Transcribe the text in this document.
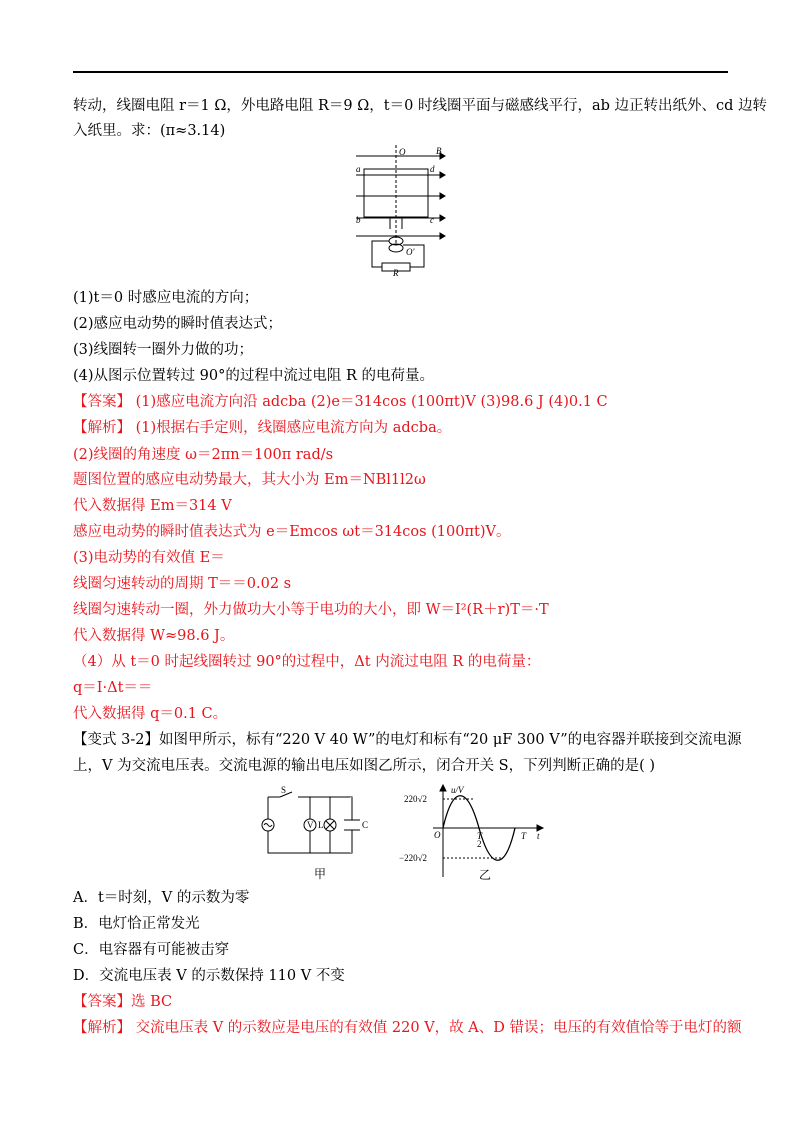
转动，线圈电阻 r＝1 Ω，外电路电阻 R＝9 Ω，t＝0 时线圈平面与磁感线平行，ab 边正转出纸外、cd 边转
入纸里。求：(π≈3.14)
O	B
a	d
b	c
O′
R
(1)t＝0 时感应电流的方向；
(2)感应电动势的瞬时值表达式；
(3)线圈转一圈外力做的功；
(4)从图示位置转过 90°的过程中流过电阻 R 的电荷量。
【答案】 (1)感应电流方向沿 adcba (2)e＝314cos (100πt)V (3)98.6 J (4)0.1 C
【解析】 (1)根据右手定则，线圈感应电流方向为 adcba。
(2)线圈的角速度 ω＝2πn＝100π rad/s
题图位置的感应电动势最大，其大小为 Em＝NBl1l2ω
代入数据得 Em＝314 V
感应电动势的瞬时值表达式为 e＝Emcos ωt＝314cos (100πt)V。
(3)电动势的有效值 E＝
线圈匀速转动的周期 T＝＝0.02 s
线圈匀速转动一圈，外力做功大小等于电功的大小，即 W＝I²(R＋r)T＝·T
代入数据得 W≈98.6 J。
（4）从 t＝0 时起线圈转过 90°的过程中，Δt 内流过电阻 R 的电荷量：
q＝I·Δt＝＝
代入数据得 q＝0.1 C。
【变式 3-2】如图甲所示，标有“220 V 40 W”的电灯和标有“20 μF 300 V”的电容器并联接到交流电源
上，V 为交流电压表。交流电源的输出电压如图乙所示，闭合开关 S，下列判断正确的是( )
S
V L	C
甲
u/V
220√2
−220√2
O	T
2
T t
乙
A．t＝时刻，V 的示数为零
B．电灯恰正常发光
C．电容器有可能被击穿
D．交流电压表 V 的示数保持 110 V 不变
【答案】选 BC
【解析】 交流电压表 V 的示数应是电压的有效值 220 V，故 A、D 错误；电压的有效值恰等于电灯的额
